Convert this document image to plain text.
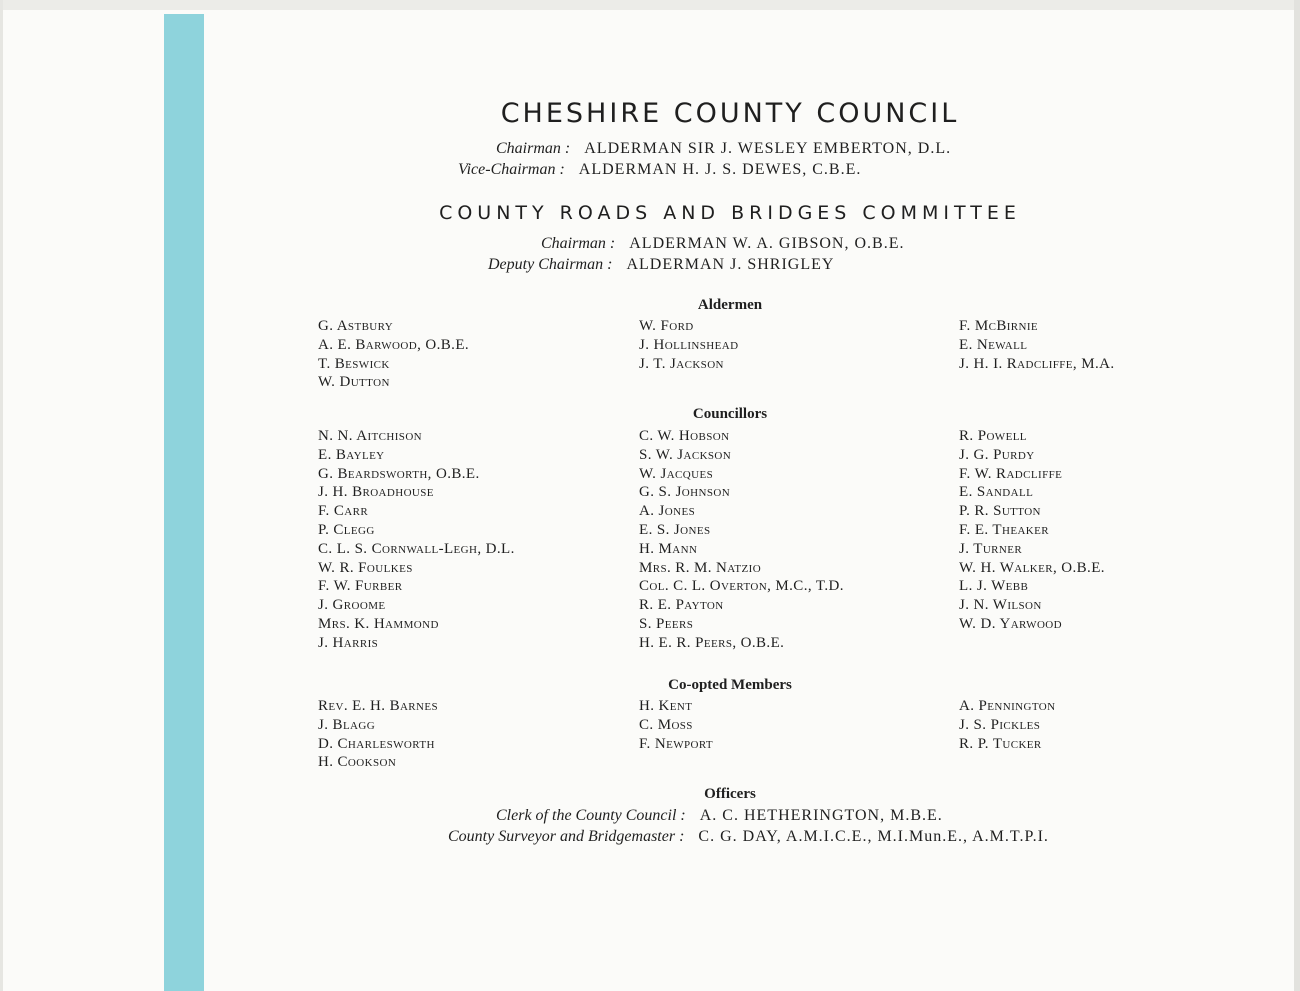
CHESHIRE COUNTY COUNCIL
Chairman : ALDERMAN SIR J. WESLEY EMBERTON, D.L.
Vice-Chairman : ALDERMAN H. J. S. DEWES, C.B.E.
COUNTY ROADS AND BRIDGES COMMITTEE
Chairman : ALDERMAN W. A. GIBSON, O.B.E.
Deputy Chairman : ALDERMAN J. SHRIGLEY
Aldermen
G. Astbury
A. E. Barwood, O.B.E.
T. Beswick
W. Dutton
W. Ford
J. Hollinshead
J. T. Jackson
F. McBirnie
E. Newall
J. H. I. Radcliffe, M.A.
Councillors
N. N. Aitchison
E. Bayley
G. Beardsworth, O.B.E.
J. H. Broadhouse
F. Carr
P. Clegg
C. L. S. Cornwall-Legh, D.L.
W. R. Foulkes
F. W. Furber
J. Groome
Mrs. K. Hammond
J. Harris
C. W. Hobson
S. W. Jackson
W. Jacques
G. S. Johnson
A. Jones
E. S. Jones
H. Mann
Mrs. R. M. Natzio
Col. C. L. Overton, M.C., T.D.
R. E. Payton
S. Peers
H. E. R. Peers, O.B.E.
R. Powell
J. G. Purdy
F. W. Radcliffe
E. Sandall
P. R. Sutton
F. E. Theaker
J. Turner
W. H. Walker, O.B.E.
L. J. Webb
J. N. Wilson
W. D. Yarwood
Co-opted Members
Rev. E. H. Barnes
J. Blagg
D. Charlesworth
H. Cookson
H. Kent
C. Moss
F. Newport
A. Pennington
J. S. Pickles
R. P. Tucker
Officers
Clerk of the County Council : A. C. HETHERINGTON, M.B.E.
County Surveyor and Bridgemaster : C. G. DAY, A.M.I.C.E., M.I.Mun.E., A.M.T.P.I.
